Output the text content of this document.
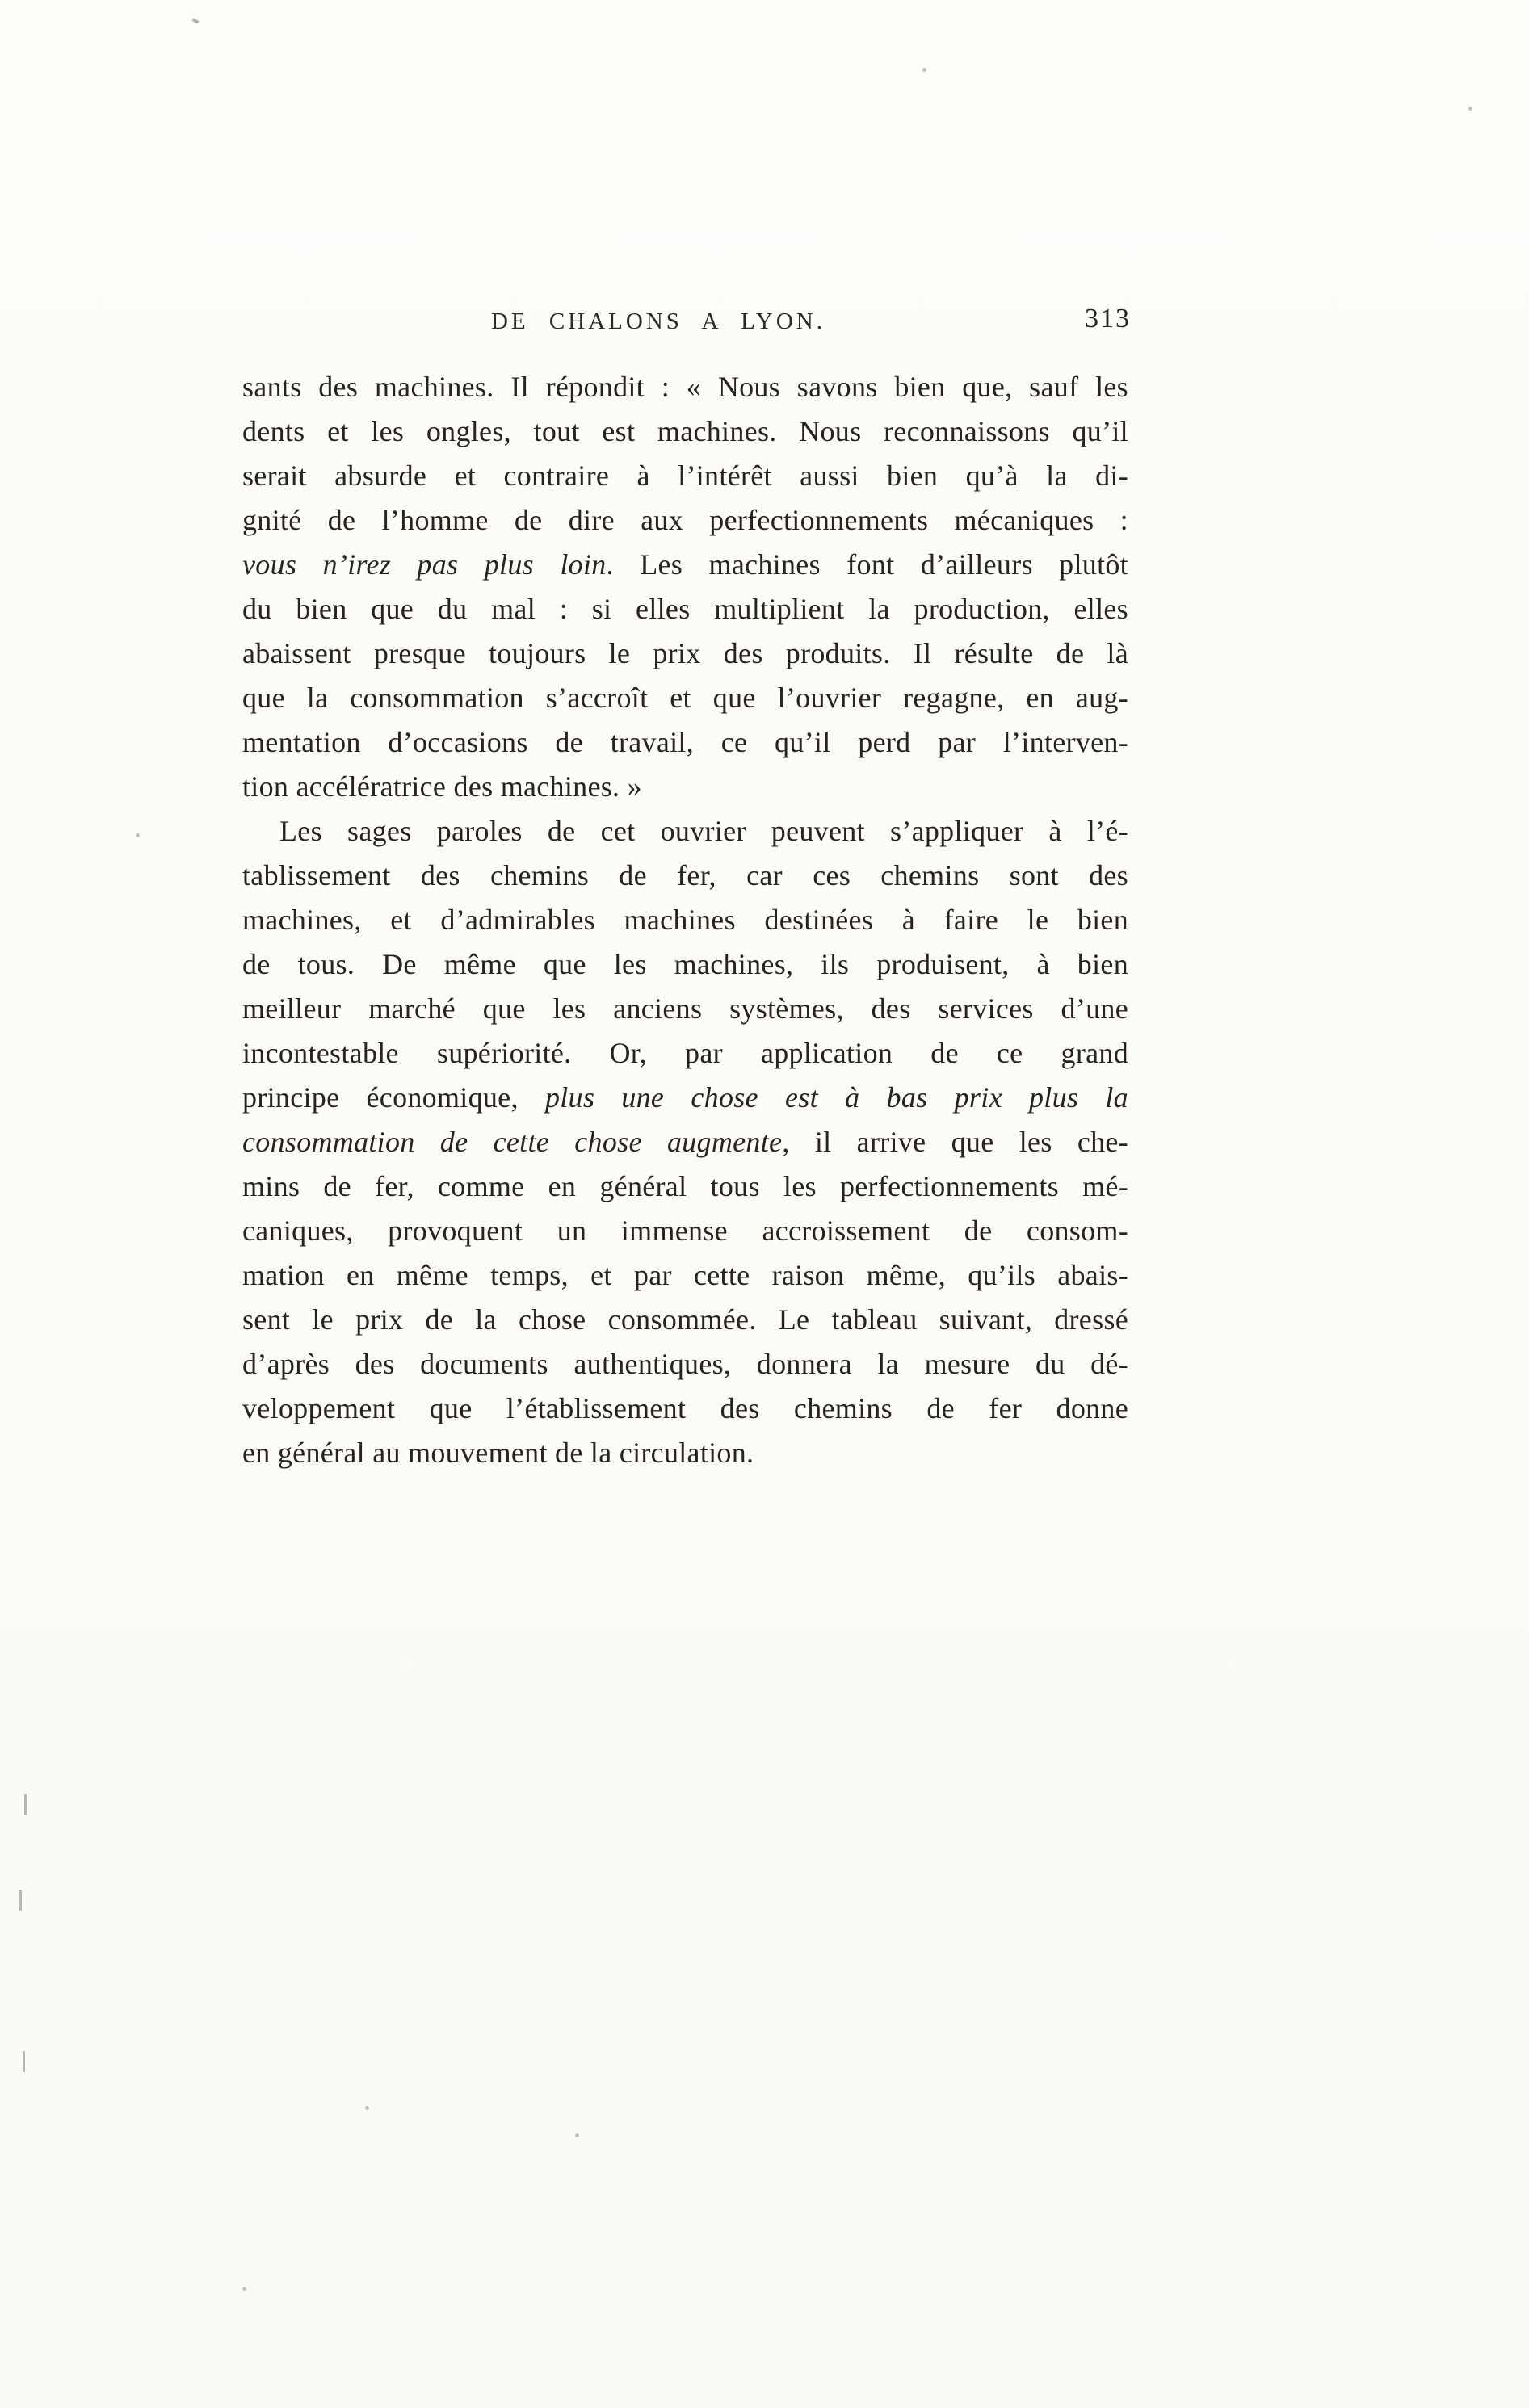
DE CHALONS A LYON.	313
sants des machines. Il répondit : « Nous savons bien que, sauf les
dents et les ongles, tout est machines. Nous reconnaissons qu’il
serait absurde et contraire à l’intérêt aussi bien qu’à la di-
gnité de l’homme de dire aux perfectionnements mécaniques :
vous n’irez pas plus loin. Les machines font d’ailleurs plutôt
du bien que du mal : si elles multiplient la production, elles
abaissent presque toujours le prix des produits. Il résulte de là
que la consommation s’accroît et que l’ouvrier regagne, en aug-
mentation d’occasions de travail, ce qu’il perd par l’interven-
tion accélératrice des machines. »
Les sages paroles de cet ouvrier peuvent s’appliquer à l’é-
tablissement des chemins de fer, car ces chemins sont des
machines, et d’admirables machines destinées à faire le bien
de tous. De même que les machines, ils produisent, à bien
meilleur marché que les anciens systèmes, des services d’une
incontestable supériorité. Or, par application de ce grand
principe économique, plus une chose est à bas prix plus la
consommation de cette chose augmente, il arrive que les che-
mins de fer, comme en général tous les perfectionnements mé-
caniques, provoquent un immense accroissement de consom-
mation en même temps, et par cette raison même, qu’ils abais-
sent le prix de la chose consommée. Le tableau suivant, dressé
d’après des documents authentiques, donnera la mesure du dé-
veloppement que l’établissement des chemins de fer donne
en général au mouvement de la circulation.
